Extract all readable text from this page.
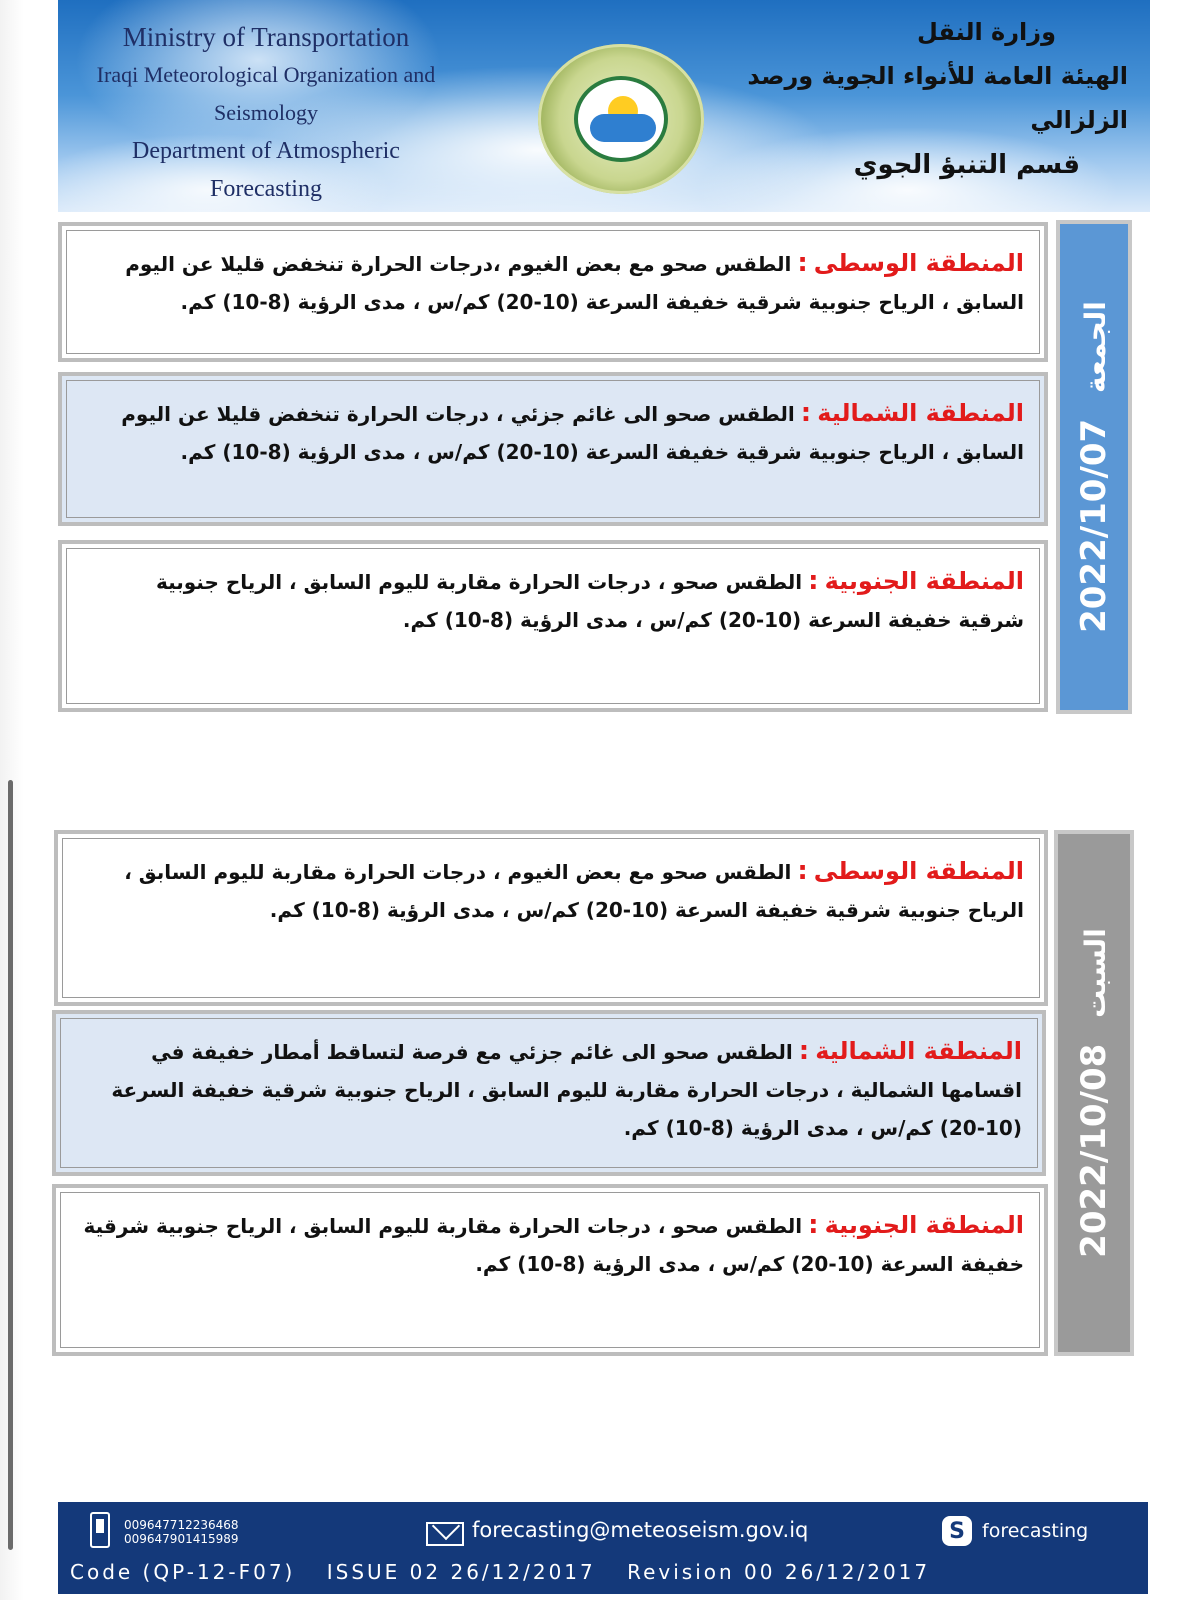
Ministry of Transportation
Iraqi Meteorological Organization and Seismology
Department of Atmospheric Forecasting
وزارة النقل
الهيئة العامة للأنواء الجوية ورصد الزلزالي
قسم التنبؤ الجوي
الجمعة 2022/10/07
المنطقة الوسطى:الطقس صحو مع بعض الغيوم ،درجات الحرارة تنخفض قليلا عن اليوم السابق ، الرياح جنوبية شرقية خفيفة السرعة (10-20) كم/س ، مدى الرؤية (8-10) كم.
المنطقة الشمالية:الطقس صحو الى غائم جزئي ، درجات الحرارة تنخفض قليلا عن اليوم السابق ، الرياح جنوبية شرقية خفيفة السرعة (10-20) كم/س ، مدى الرؤية (8-10) كم.
المنطقة الجنوبية:الطقس صحو ، درجات الحرارة مقاربة لليوم السابق ، الرياح جنوبية شرقية خفيفة السرعة (10-20) كم/س ، مدى الرؤية (8-10) كم.
السبت 2022/10/08
المنطقة الوسطى:الطقس صحو مع بعض الغيوم ، درجات الحرارة مقاربة لليوم السابق ، الرياح جنوبية شرقية خفيفة السرعة (10-20) كم/س ، مدى الرؤية (8-10) كم.
المنطقة الشمالية:الطقس صحو الى غائم جزئي مع فرصة لتساقط أمطار خفيفة في اقسامها الشمالية ، درجات الحرارة مقاربة لليوم السابق ، الرياح جنوبية شرقية خفيفة السرعة (10-20) كم/س ، مدى الرؤية (8-10) كم.
المنطقة الجنوبية:الطقس صحو ، درجات الحرارة مقاربة لليوم السابق ، الرياح جنوبية شرقية خفيفة السرعة (10-20) كم/س ، مدى الرؤية (8-10) كم.
009647712236468
009647901415989	forecasting@meteoseism.gov.iq	S forecasting
Code (QP-12-F07) ISSUE 02 26/12/2017 Revision 00 26/12/2017
